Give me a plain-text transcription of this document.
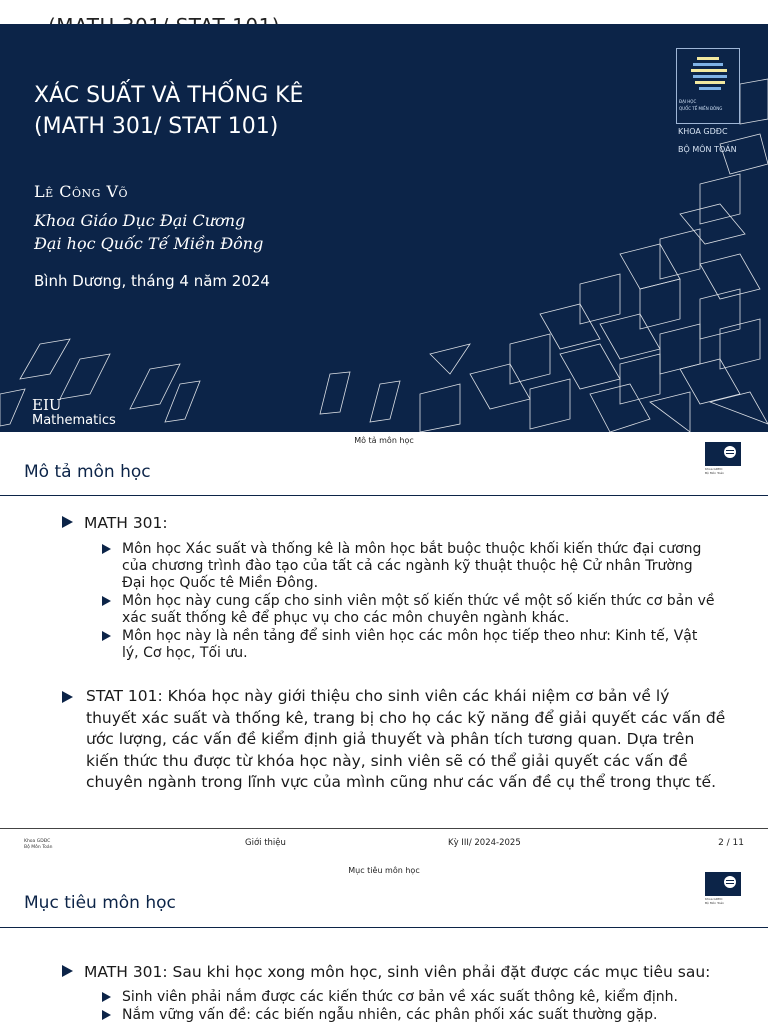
XÁC SUẤT VÀ THỐNG KÊ
(MATH 301/ STAT 101)
Lê Công Võ
Khoa Giáo Dục Đại Cương
Đại học Quốc Tế Miền Đông
Bình Dương, tháng 4 năm 2024
EIU
Mathematics
ĐẠI HỌC
QUỐC TẾ MIỀN ĐÔNG
KHOA GDĐC
BỘ MÔN TOÁN
Mô tả môn học
Mô tả môn học	Khoa GDĐC
Bộ Môn Toán
MATH 301:
Môn học Xác suất và thống kê là môn học bắt buộc thuộc khối kiến thức đại cương
của chương trình đào tạo của tất cả các ngành kỹ thuật thuộc hệ Cử nhân Trường
Đại học Quốc tê Miền Đông.
Môn học này cung cấp cho sinh viên một số kiến thức về một số kiến thức cơ bản về
xác suất thống kê để phục vụ cho các môn chuyên ngành khác.
Môn học này là nền tảng để sinh viên học các môn học tiếp theo như: Kinh tế, Vật
lý, Cơ học, Tối ưu.
STAT 101: Khóa học này giới thiệu cho sinh viên các khái niệm cơ bản về lý
thuyết xác suất và thống kê, trang bị cho họ các kỹ năng để giải quyết các vấn đề
ước lượng, các vấn đề kiểm định giả thuyết và phân tích tương quan. Dựa trên
kiến thức thu được từ khóa học này, sinh viên sẽ có thể giải quyết các vấn đề
chuyên ngành trong lĩnh vực của mình cũng như các vấn đề cụ thể trong thực tế.
Khoa GDĐC
Bộ Môn Toán	Giới thiệu	Kỳ III/ 2024-2025	2 / 11
Mục tiêu môn học
Mục tiêu môn học	Khoa GDĐC
Bộ Môn Toán
MATH 301: Sau khi học xong môn học, sinh viên phải đặt được các mục tiêu sau:
Sinh viên phải nắm được các kiến thức cơ bản về xác suất thông kê, kiểm định.
Nắm vững vấn đề: các biến ngẫu nhiên, các phân phối xác suất thường gặp.
